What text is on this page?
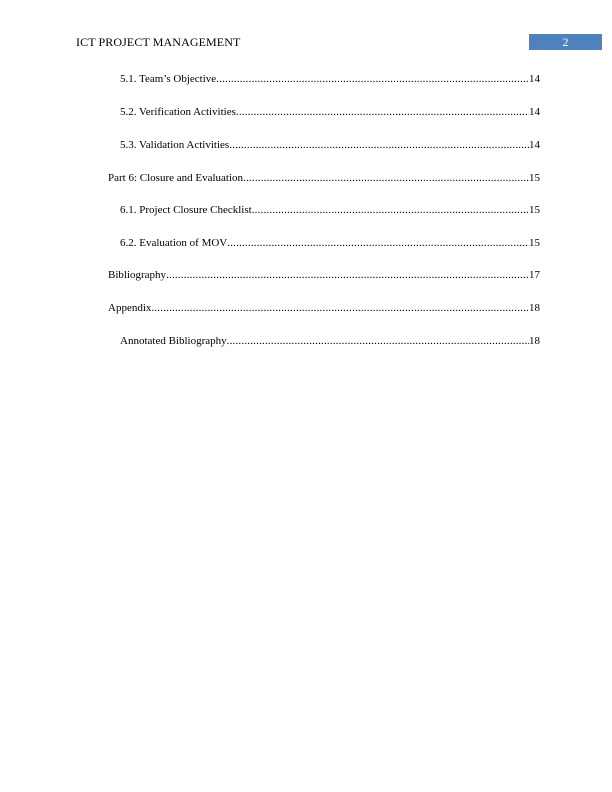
ICT PROJECT MANAGEMENT	2
5.1. Team’s Objective .....	14
5.2. Verification Activities .....	14
5.3. Validation Activities .....	14
Part 6: Closure and Evaluation .....	15
6.1. Project Closure Checklist .....	15
6.2. Evaluation of MOV .....	15
Bibliography .....	17
Appendix .....	18
Annotated Bibliography .....	18
